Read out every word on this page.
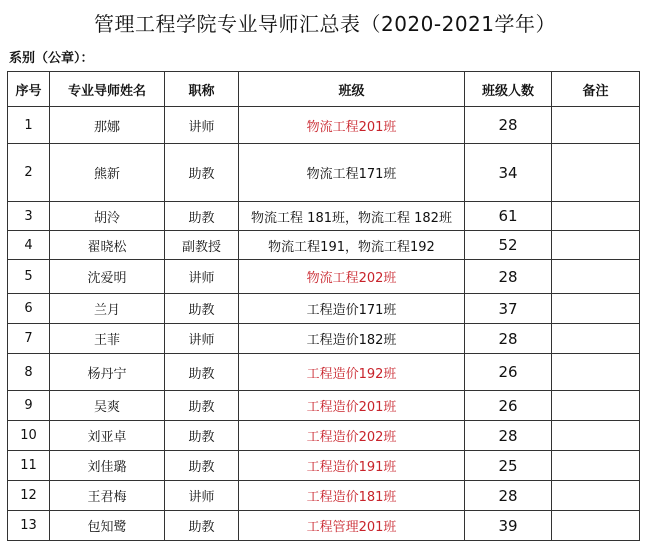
管理工程学院专业导师汇总表（2020-2021学年）
系别（公章）：
序号	专业导师姓名	职称	班级	班级人数	备注
1	那娜	讲师	物流工程201班	28	
2	熊新	助教	物流工程171班	34	
3	胡泠	助教	物流工程 181班，物流工程 182班	61	
4	翟晓松	副教授	物流工程191，物流工程192	52	
5	沈爱明	讲师	物流工程202班	28	
6	兰月	助教	工程造价171班	37	
7	王菲	讲师	工程造价182班	28	
8	杨丹宁	助教	工程造价192班	26	
9	吴爽	助教	工程造价201班	26	
10	刘亚卓	助教	工程造价202班	28	
11	刘佳璐	助教	工程造价191班	25	
12	王君梅	讲师	工程造价181班	28	
13	包知鹭	助教	工程管理201班	39	
